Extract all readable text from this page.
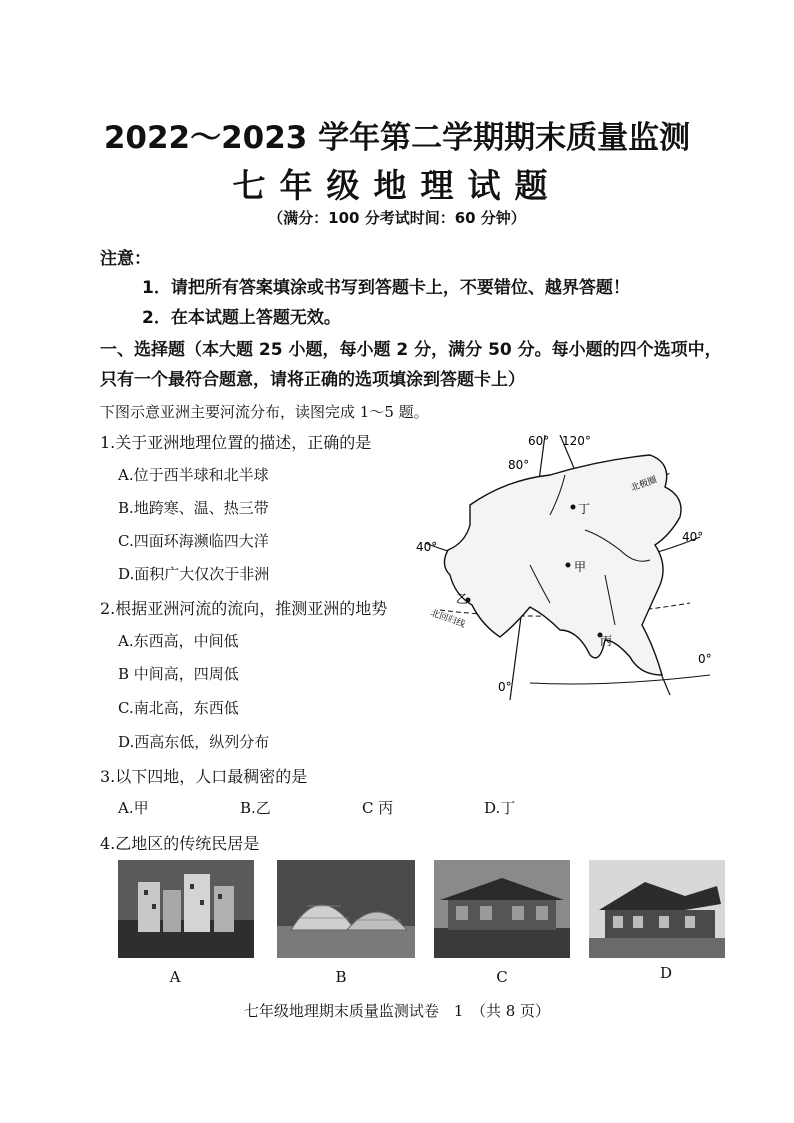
2022～2023 学年第二学期期末质量监测
七年级地理试题
（满分：100 分考试时间：60 分钟）
注意：
1．请把所有答案填涂或书写到答题卡上，不要错位、越界答题！
2．在本试题上答题无效。
一、选择题（本大题 25 小题，每小题 2 分，满分 50 分。每小题的四个选项中，
只有一个最符合题意，请将正确的选项填涂到答题卡上）
下图示意亚洲主要河流分布，读图完成 1～5 题。
1.关于亚洲地理位置的描述，正确的是
A.位于西半球和北半球
B.地跨寒、温、热三带
C.四面环海濒临四大洋
D.面积广大仅次于非洲
2.根据亚洲河流的流向，推测亚洲的地势
A.东西高，中间低
B 中间高，四周低
C.南北高，东西低
D.西高东低，纵列分布
3.以下四地，人口最稠密的是
A.甲	B.乙	C 丙	D.丁
4.乙地区的传统民居是
60° 120°
80°
40°
40°
0°
0°
北极圈
北回归线
丁
甲
乙
丙
A	B	C	D
七年级地理期末质量监测试卷　1　（共 8 页）
